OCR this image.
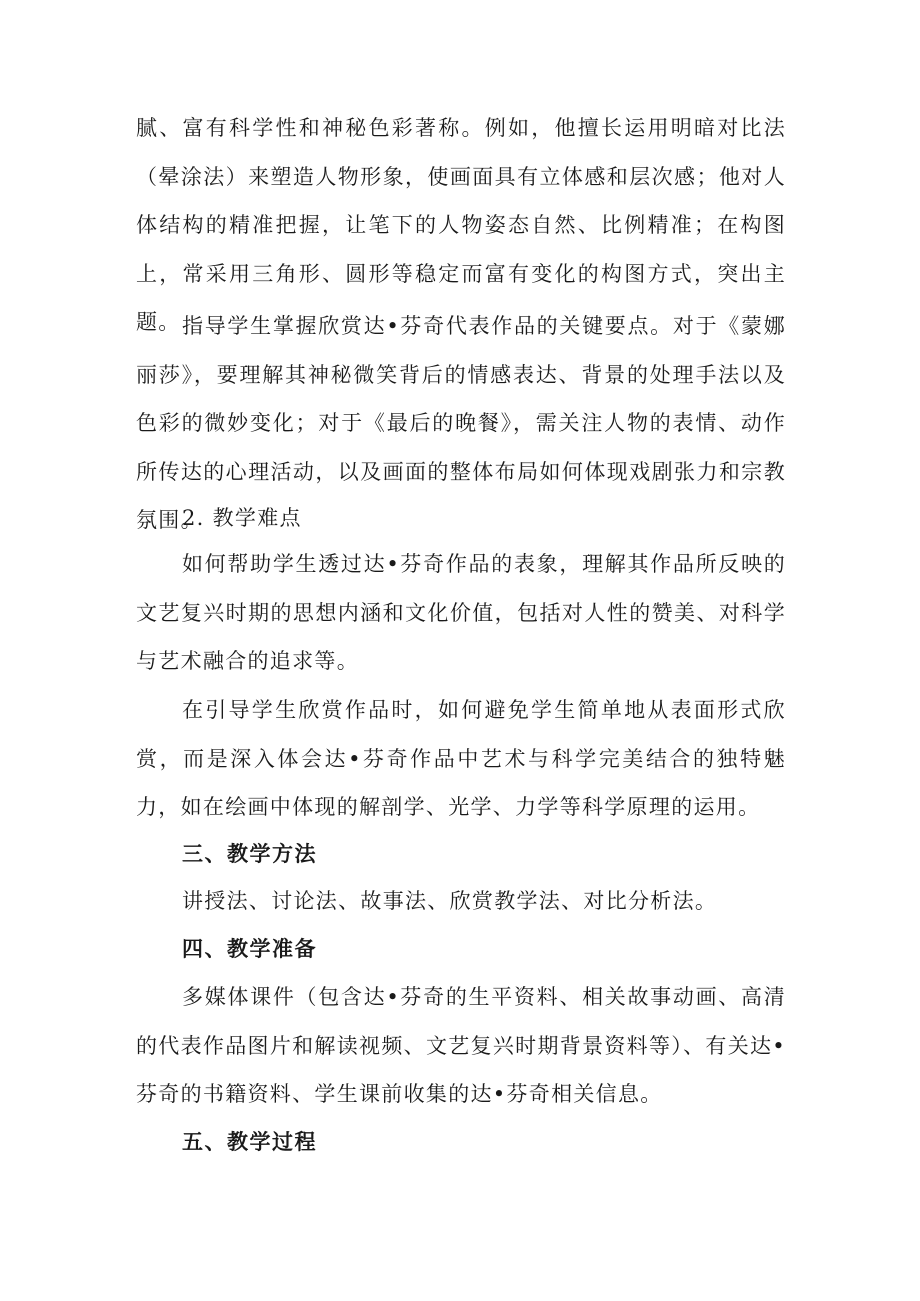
腻、富有科学性和神秘色彩著称。例如，他擅长运用明暗对比法（晕涂法）来塑造人物形象，使画面具有立体感和层次感；他对人体结构的精准把握，让笔下的人物姿态自然、比例精准；在构图上，常采用三角形、圆形等稳定而富有变化的构图方式，突出主题。 指导学生掌握欣赏达•芬奇代表作品的关键要点。对于《蒙娜丽莎》，要理解其神秘微笑背后的情感表达、背景的处理手法以及色彩的微妙变化；对于《最后的晚餐》，需关注人物的表情、动作所传达的心理活动，以及画面的整体布局如何体现戏剧张力和宗教氛围。

2. 教学难点

如何帮助学生透过达•芬奇作品的表象，理解其作品所反映的文艺复兴时期的思想内涵和文化价值，包括对人性的赞美、对科学与艺术融合的追求等。

在引导学生欣赏作品时，如何避免学生简单地从表面形式欣赏，而是深入体会达•芬奇作品中艺术与科学完美结合的独特魅力，如在绘画中体现的解剖学、光学、力学等科学原理的运用。

三、教学方法

讲授法、讨论法、故事法、欣赏教学法、对比分析法。

四、教学准备

多媒体课件（包含达•芬奇的生平资料、相关故事动画、高清的代表作品图片和解读视频、文艺复兴时期背景资料等）、有关达•芬奇的书籍资料、学生课前收集的达•芬奇相关信息。

五、教学过程
